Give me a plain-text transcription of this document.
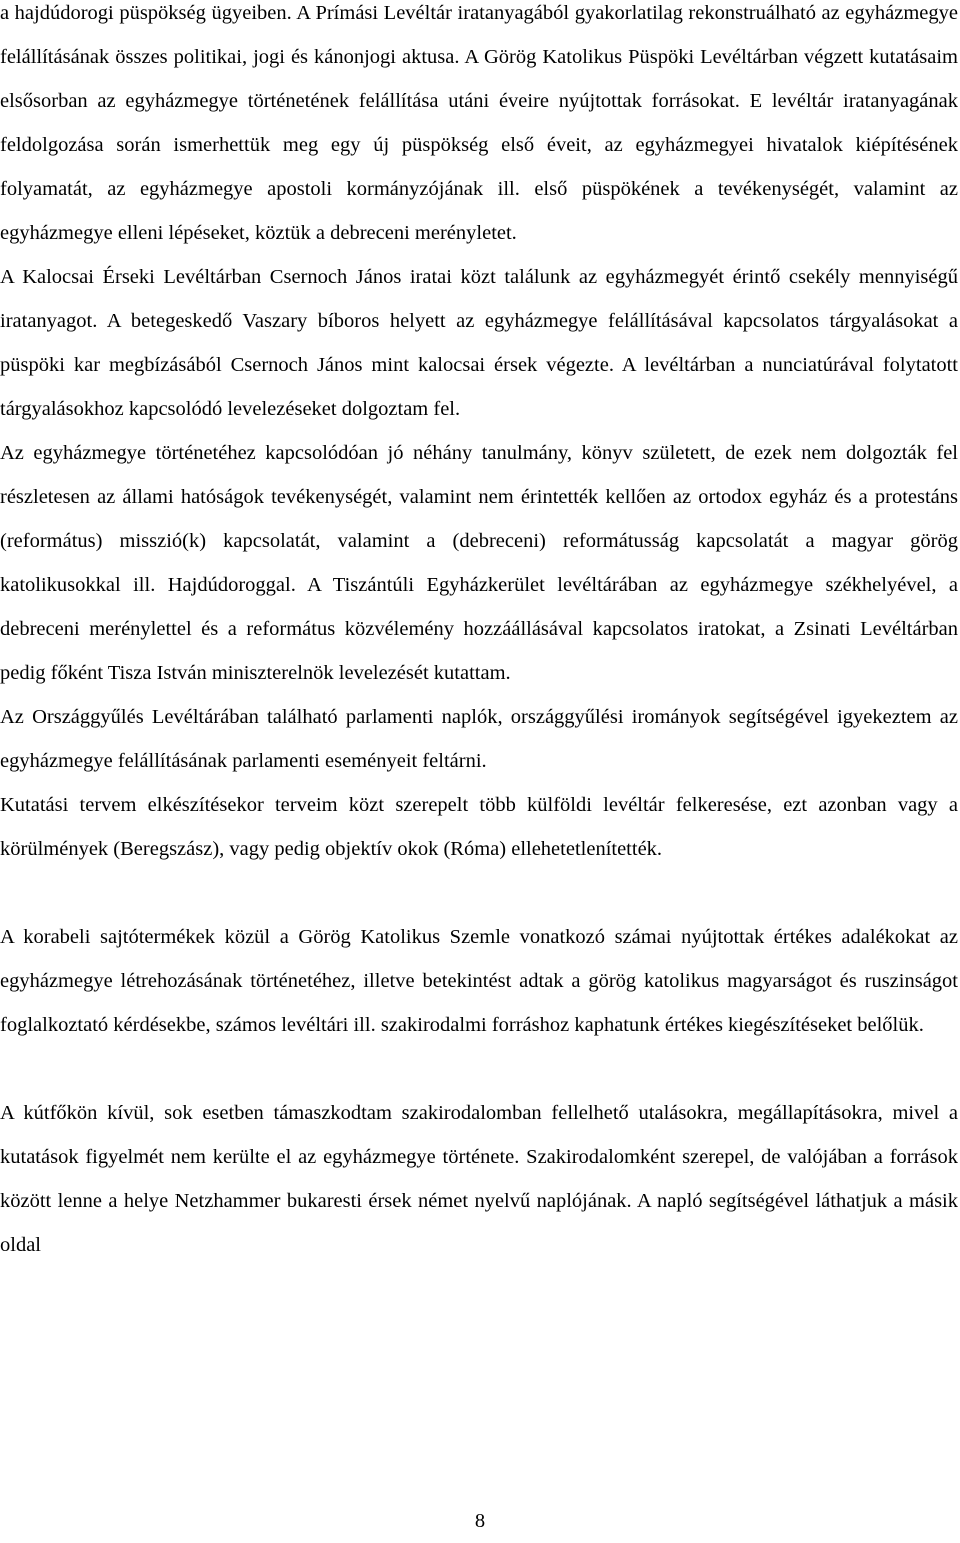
a hajdúdorogi püspökség ügyeiben. A Prímási Levéltár iratanyagából gyakorlatilag rekonstruálható az egyházmegye felállításának összes politikai, jogi és kánonjogi aktusa. A Görög Katolikus Püspöki Levéltárban végzett kutatásaim elsősorban az egyházmegye történetének felállítása utáni éveire nyújtottak forrásokat. E levéltár iratanyagának feldolgozása során ismerhettük meg egy új püspökség első éveit, az egyházmegyei hivatalok kiépítésének folyamatát, az egyházmegye apostoli kormányzójának ill. első püspökének a tevékenységét, valamint az egyházmegye elleni lépéseket, köztük a debreceni merényletet.

A Kalocsai Érseki Levéltárban Csernoch János iratai közt találunk az egyházmegyét érintő csekély mennyiségű iratanyagot. A betegeskedő Vaszary bíboros helyett az egyházmegye felállításával kapcsolatos tárgyalásokat a püspöki kar megbízásából Csernoch János mint kalocsai érsek végezte. A levéltárban a nunciatúrával folytatott tárgyalásokhoz kapcsolódó levelezéseket dolgoztam fel.

Az egyházmegye történetéhez kapcsolódóan jó néhány tanulmány, könyv született, de ezek nem dolgozták fel részletesen az állami hatóságok tevékenységét, valamint nem érintették kellően az ortodox egyház és a protestáns (református) misszió(k) kapcsolatát, valamint a (debreceni) reformátusság kapcsolatát a magyar görög katolikusokkal ill. Hajdúdoroggal. A Tiszántúli Egyházkerület levéltárában az egyházmegye székhelyével, a debreceni merénylettel és a református közvélemény hozzáállásával kapcsolatos iratokat, a Zsinati Levéltárban pedig főként Tisza István miniszterelnök levelezését kutattam.

Az Országgyűlés Levéltárában található parlamenti naplók, országgyűlési irományok segítségével igyekeztem az egyházmegye felállításának parlamenti eseményeit feltárni.

Kutatási tervem elkészítésekor terveim közt szerepelt több külföldi levéltár felkeresése, ezt azonban vagy a körülmények (Beregszász), vagy pedig objektív okok (Róma) ellehetetlenítették.

A korabeli sajtótermékek közül a Görög Katolikus Szemle vonatkozó számai nyújtottak értékes adalékokat az egyházmegye létrehozásának történetéhez, illetve betekintést adtak a görög katolikus magyarságot és ruszinságot foglalkoztató kérdésekbe, számos levéltári ill. szakirodalmi forráshoz kaphatunk értékes kiegészítéseket belőlük.

A kútfőkön kívül, sok esetben támaszkodtam szakirodalomban fellelhető utalásokra, megállapításokra, mivel a kutatások figyelmét nem kerülte el az egyházmegye története. Szakirodalomként szerepel, de valójában a források között lenne a helye Netzhammer bukaresti érsek német nyelvű naplójának. A napló segítségével láthatjuk a másik oldal

8
